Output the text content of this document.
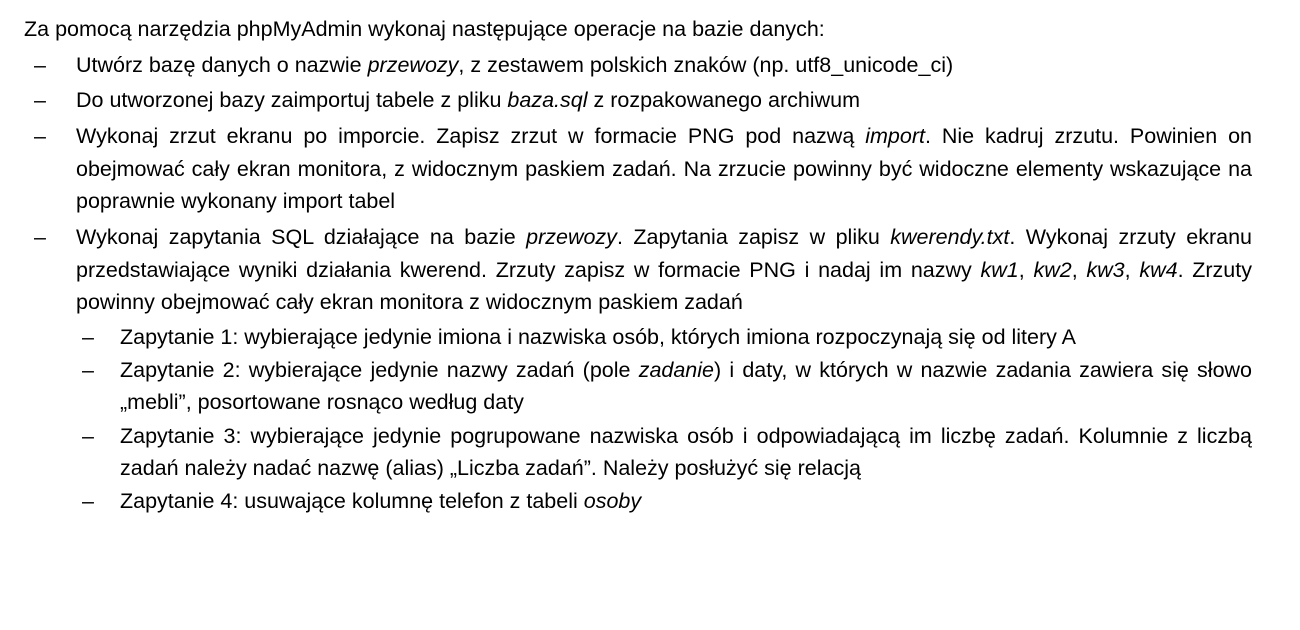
Za pomocą narzędzia phpMyAdmin wykonaj następujące operacje na bazie danych:

– Utwórz bazę danych o nazwie przewozy, z zestawem polskich znaków (np. utf8_unicode_ci)
– Do utworzonej bazy zaimportuj tabele z pliku baza.sql z rozpakowanego archiwum
– Wykonaj zrzut ekranu po imporcie. Zapisz zrzut w formacie PNG pod nazwą import. Nie kadruj zrzutu. Powinien on obejmować cały ekran monitora, z widocznym paskiem zadań. Na zrzucie powinny być widoczne elementy wskazujące na poprawnie wykonany import tabel
– Wykonaj zapytania SQL działające na bazie przewozy. Zapytania zapisz w pliku kwerendy.txt. Wykonaj zrzuty ekranu przedstawiające wyniki działania kwerend. Zrzuty zapisz w formacie PNG i nadaj im nazwy kw1, kw2, kw3, kw4. Zrzuty powinny obejmować cały ekran monitora z widocznym paskiem zadań
– Zapytanie 1: wybierające jedynie imiona i nazwiska osób, których imiona rozpoczynają się od litery A
– Zapytanie 2: wybierające jedynie nazwy zadań (pole zadanie) i daty, w których w nazwie zadania zawiera się słowo „mebli”, posortowane rosnąco według daty
– Zapytanie 3: wybierające jedynie pogrupowane nazwiska osób i odpowiadającą im liczbę zadań. Kolumnie z liczbą zadań należy nadać nazwę (alias) „Liczba zadań”. Należy posłużyć się relacją
– Zapytanie 4: usuwające kolumnę telefon z tabeli osoby
